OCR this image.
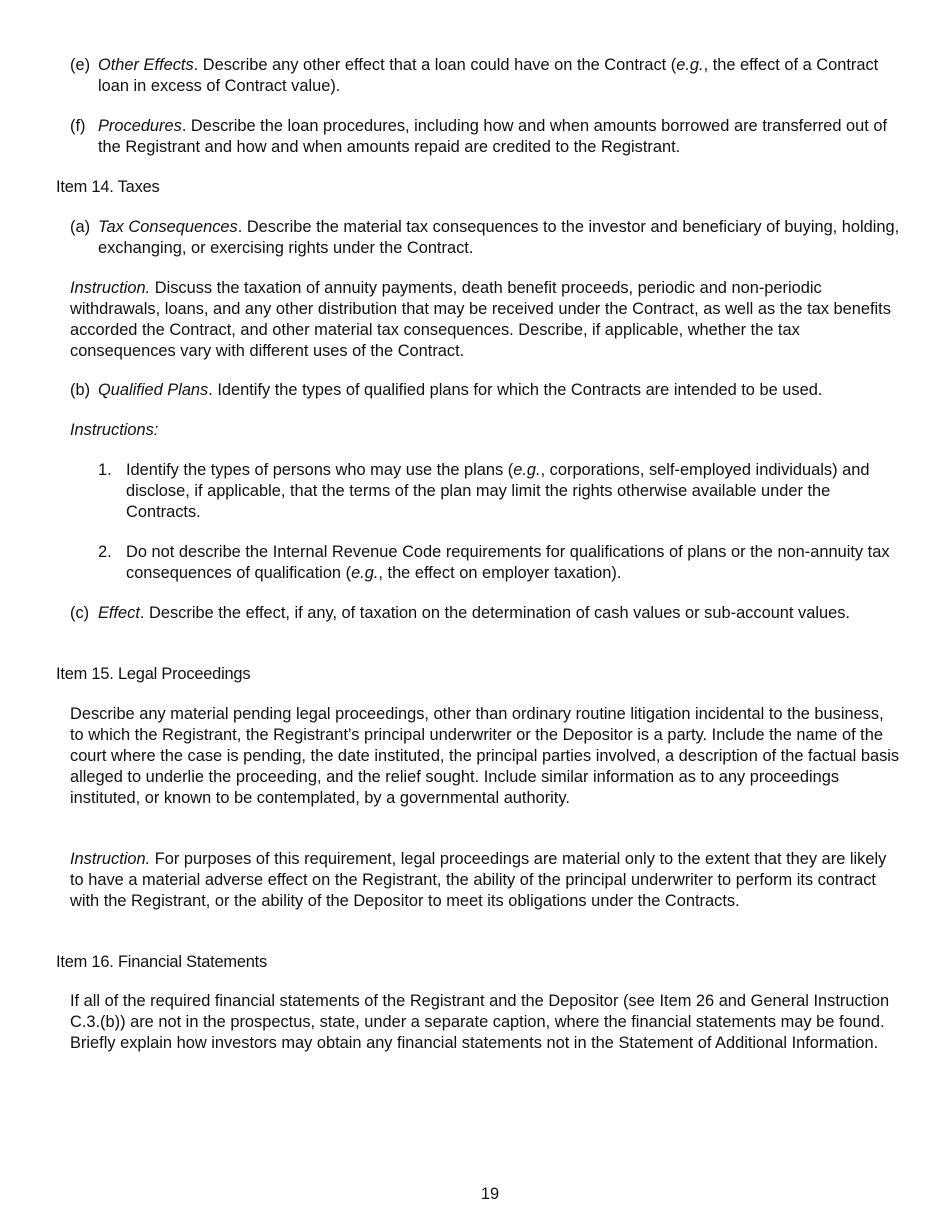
(e) Other Effects. Describe any other effect that a loan could have on the Contract (e.g., the effect of a Contract loan in excess of Contract value).
(f) Procedures. Describe the loan procedures, including how and when amounts borrowed are transferred out of the Registrant and how and when amounts repaid are credited to the Registrant.
Item 14. Taxes
(a) Tax Consequences. Describe the material tax consequences to the investor and beneficiary of buying, holding, exchanging, or exercising rights under the Contract.
Instruction. Discuss the taxation of annuity payments, death benefit proceeds, periodic and non-periodic withdrawals, loans, and any other distribution that may be received under the Contract, as well as the tax benefits accorded the Contract, and other material tax consequences. Describe, if applicable, whether the tax consequences vary with different uses of the Contract.
(b) Qualified Plans. Identify the types of qualified plans for which the Contracts are intended to be used.
Instructions:
1. Identify the types of persons who may use the plans (e.g., corporations, self-employed individuals) and disclose, if applicable, that the terms of the plan may limit the rights otherwise available under the Contracts.
2. Do not describe the Internal Revenue Code requirements for qualifications of plans or the non-annuity tax consequences of qualification (e.g., the effect on employer taxation).
(c) Effect. Describe the effect, if any, of taxation on the determination of cash values or sub-account values.
Item 15. Legal Proceedings
Describe any material pending legal proceedings, other than ordinary routine litigation incidental to the business, to which the Registrant, the Registrant’s principal underwriter or the Depositor is a party. Include the name of the court where the case is pending, the date instituted, the principal parties involved, a description of the factual basis alleged to underlie the proceeding, and the relief sought. Include similar information as to any proceedings instituted, or known to be contemplated, by a governmental authority.
Instruction. For purposes of this requirement, legal proceedings are material only to the extent that they are likely to have a material adverse effect on the Registrant, the ability of the principal underwriter to perform its contract with the Registrant, or the ability of the Depositor to meet its obligations under the Contracts.
Item 16. Financial Statements
If all of the required financial statements of the Registrant and the Depositor (see Item 26 and General Instruction C.3.(b)) are not in the prospectus, state, under a separate caption, where the financial statements may be found. Briefly explain how investors may obtain any financial statements not in the Statement of Additional Information.
19
